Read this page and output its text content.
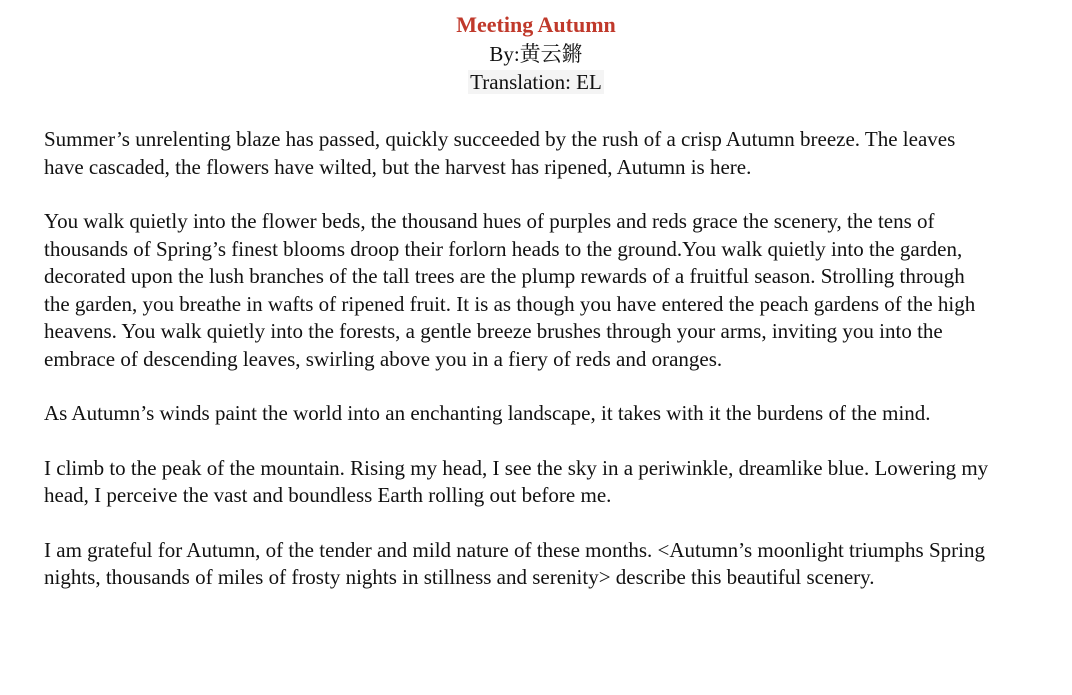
Meeting Autumn

By:黄云鏘

Translation: EL

Summer’s unrelenting blaze has passed, quickly succeeded by the rush of a crisp Autumn breeze. The leaves have cascaded, the flowers have wilted, but the harvest has ripened, Autumn is here.

You walk quietly into the flower beds, the thousand hues of purples and reds grace the scenery, the tens of thousands of Spring’s finest blooms droop their forlorn heads to the ground.You walk quietly into the garden, decorated upon the lush branches of the tall trees are the plump rewards of a fruitful season. Strolling through the garden, you breathe in wafts of ripened fruit. It is as though you have entered the peach gardens of the high heavens. You walk quietly into the forests, a gentle breeze brushes through your arms, inviting you into the embrace of descending leaves, swirling above you in a fiery of reds and oranges.

As Autumn’s winds paint the world into an enchanting landscape, it takes with it the burdens of the mind.

I climb to the peak of the mountain. Rising my head, I see the sky in a periwinkle, dreamlike blue. Lowering my head, I perceive the vast and boundless Earth rolling out before me.

I am grateful for Autumn, of the tender and mild nature of these months. <Autumn’s moonlight triumphs Spring nights, thousands of miles of frosty nights in stillness and serenity> describe this beautiful scenery.
